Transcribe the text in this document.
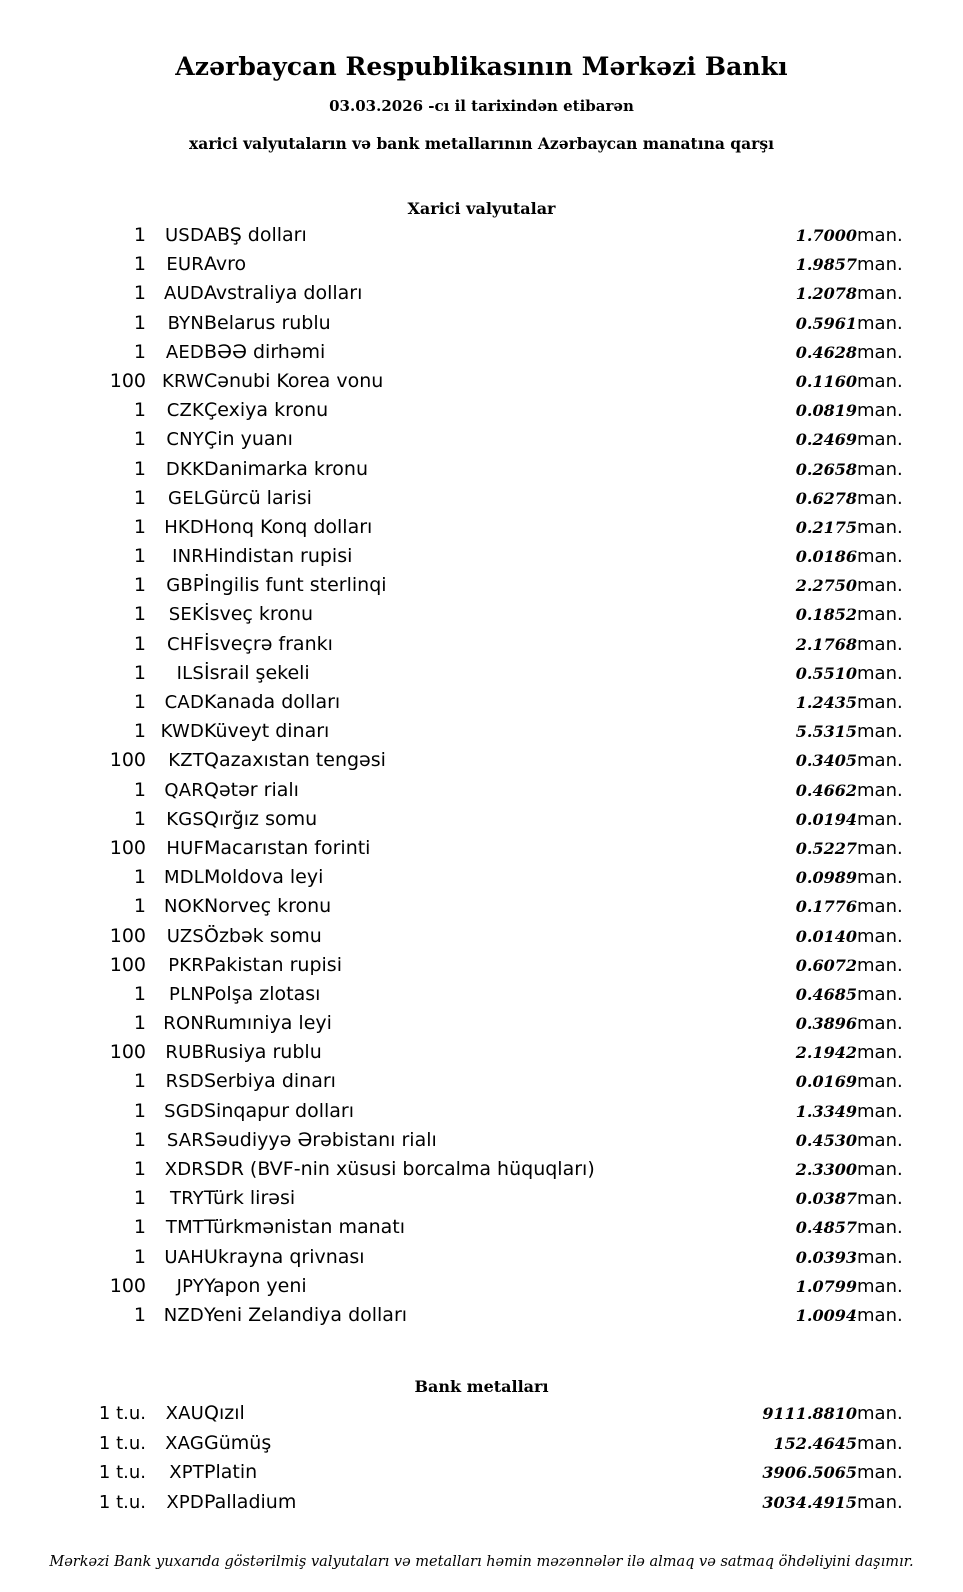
Azərbaycan Respublikasının Mərkəzi Bankı
03.03.2026 -cı il tarixindən etibarən
xarici valyutaların və bank metallarının Azərbaycan manatına qarşı
Xarici valyutalar
1	USD	ABŞ dolları	1.7000	man.
1	EUR	Avro	1.9857	man.
1	AUD	Avstraliya dolları	1.2078	man.
1	BYN	Belarus rublu	0.5961	man.
1	AED	BƏƏ dirhəmi	0.4628	man.
100	KRW	Cənubi Korea vonu	0.1160	man.
1	CZK	Çexiya kronu	0.0819	man.
1	CNY	Çin yuanı	0.2469	man.
1	DKK	Danimarka kronu	0.2658	man.
1	GEL	Gürcü larisi	0.6278	man.
1	HKD	Honq Konq dolları	0.2175	man.
1	INR	Hindistan rupisi	0.0186	man.
1	GBP	İngilis funt sterlinqi	2.2750	man.
1	SEK	İsveç kronu	0.1852	man.
1	CHF	İsveçrə frankı	2.1768	man.
1	ILS	İsrail şekeli	0.5510	man.
1	CAD	Kanada dolları	1.2435	man.
1	KWD	Küveyt dinarı	5.5315	man.
100	KZT	Qazaxıstan tengəsi	0.3405	man.
1	QAR	Qətər rialı	0.4662	man.
1	KGS	Qırğız somu	0.0194	man.
100	HUF	Macarıstan forinti	0.5227	man.
1	MDL	Moldova leyi	0.0989	man.
1	NOK	Norveç kronu	0.1776	man.
100	UZS	Özbək somu	0.0140	man.
100	PKR	Pakistan rupisi	0.6072	man.
1	PLN	Polşa zlotası	0.4685	man.
1	RON	Rumıniya leyi	0.3896	man.
100	RUB	Rusiya rublu	2.1942	man.
1	RSD	Serbiya dinarı	0.0169	man.
1	SGD	Sinqapur dolları	1.3349	man.
1	SAR	Səudiyyə Ərəbistanı rialı	0.4530	man.
1	XDR	SDR (BVF-nin xüsusi borcalma hüquqları)	2.3300	man.
1	TRY	Türk lirəsi	0.0387	man.
1	TMT	Türkmənistan manatı	0.4857	man.
1	UAH	Ukrayna qrivnası	0.0393	man.
100	JPY	Yapon yeni	1.0799	man.
1	NZD	Yeni Zelandiya dolları	1.0094	man.
Bank metalları
1 t.u.	XAU	Qızıl	9111.8810	man.
1 t.u.	XAG	Gümüş	152.4645	man.
1 t.u.	XPT	Platin	3906.5065	man.
1 t.u.	XPD	Palladium	3034.4915	man.
Mərkəzi Bank yuxarıda göstərilmiş valyutaları və metalları həmin məzənnələr ilə almaq və satmaq öhdəliyini daşımır.
